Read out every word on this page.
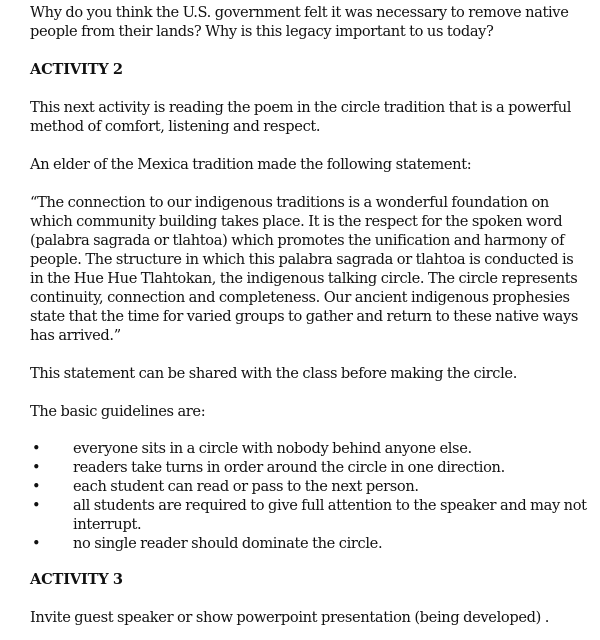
Why do you think the U.S. government felt it was necessary to remove native people from their lands? Why is this legacy important to us today?

ACTIVITY 2

This next activity is reading the poem in the circle tradition that is a powerful method of comfort, listening and respect.

An elder of the Mexica tradition made the following statement:

“The connection to our indigenous traditions is a wonderful foundation on which community building takes place. It is the respect for the spoken word (palabra sagrada or tlahtoa) which promotes the unification and harmony of people. The structure in which this palabra sagrada or tlahtoa is conducted is in the Hue Hue Tlahtokan, the indigenous talking circle. The circle represents continuity, connection and completeness. Our ancient indigenous prophesies state that the time for varied groups to gather and return to these native ways has arrived.”

This statement can be shared with the class before making the circle.

The basic guidelines are:

•	everyone sits in a circle with nobody behind anyone else.
•	readers take turns in order around the circle in one direction.
•	each student can read or pass to the next person.
•	all students are required to give full attention to the speaker and may not interrupt.
•	no single reader should dominate the circle.

ACTIVITY 3

Invite guest speaker or show powerpoint presentation (being developed) .
